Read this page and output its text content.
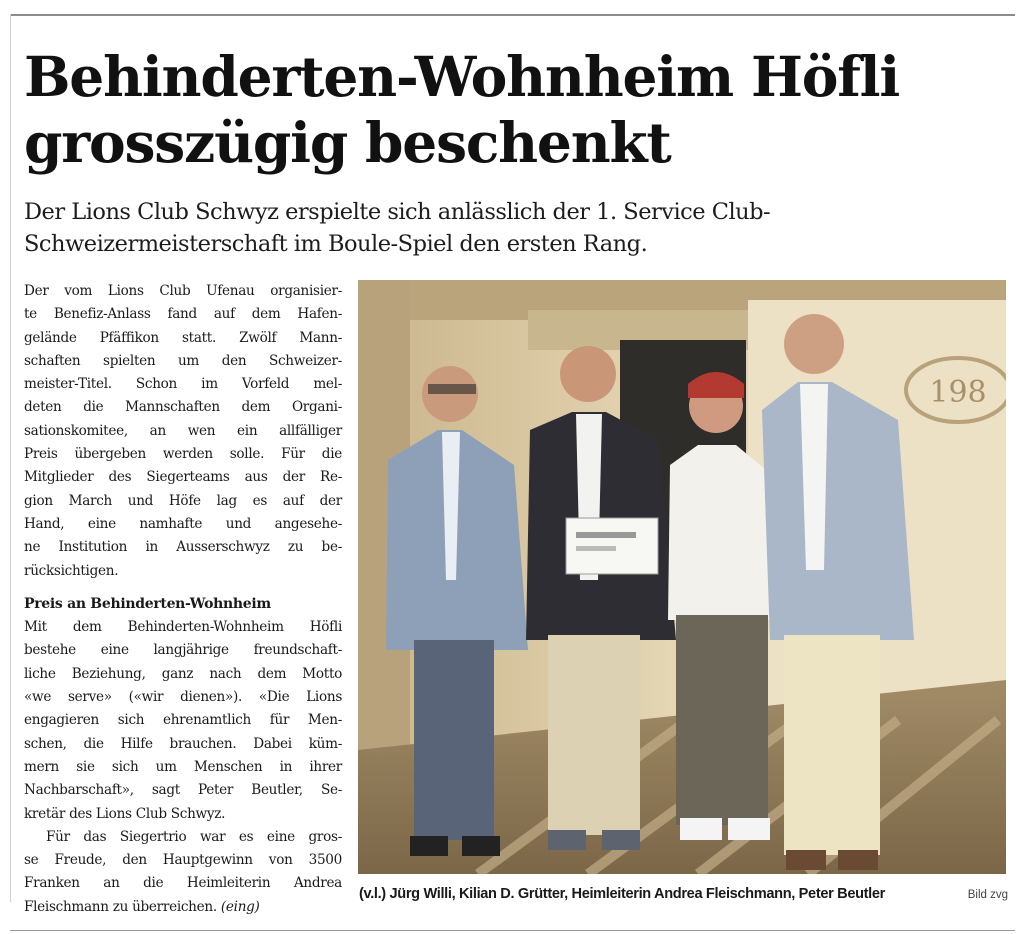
Behinderten-Wohnheim Höfli
grosszügig beschenkt

Der Lions Club Schwyz erspielte sich anlässlich der 1. Service Club-
Schweizermeisterschaft im Boule-Spiel den ersten Rang.

Der vom Lions Club Ufenau organisier-
te Benefiz-Anlass fand auf dem Hafen-
gelände Pfäffikon statt. Zwölf Mann-
schaften spielten um den Schweizer-
meister-Titel. Schon im Vorfeld mel-
deten die Mannschaften dem Organi-
sationskomitee, an wen ein allfälliger
Preis übergeben werden solle. Für die
Mitglieder des Siegerteams aus der Re-
gion March und Höfe lag es auf der
Hand, eine namhafte und angesehe-
ne Institution in Ausserschwyz zu be-
rücksichtigen.
Preis an Behinderten-Wohnheim
Mit dem Behinderten-Wohnheim Höfli
bestehe eine langjährige freundschaft-
liche Beziehung, ganz nach dem Motto
«we serve» («wir dienen»). «Die Lions
engagieren sich ehrenamtlich für Men-
schen, die Hilfe brauchen. Dabei küm-
mern sie sich um Menschen in ihrer
Nachbarschaft», sagt Peter Beutler, Se-
kretär des Lions Club Schwyz.
Für das Siegertrio war es eine gros-
se Freude, den Hauptgewinn von 3500
Franken an die Heimleiterin Andrea
Fleischmann zu überreichen. (eing)
198
(v.l.) Jürg Willi, Kilian D. Grütter, Heimleiterin Andrea Fleischmann, Peter Beutler	Bild zvg
